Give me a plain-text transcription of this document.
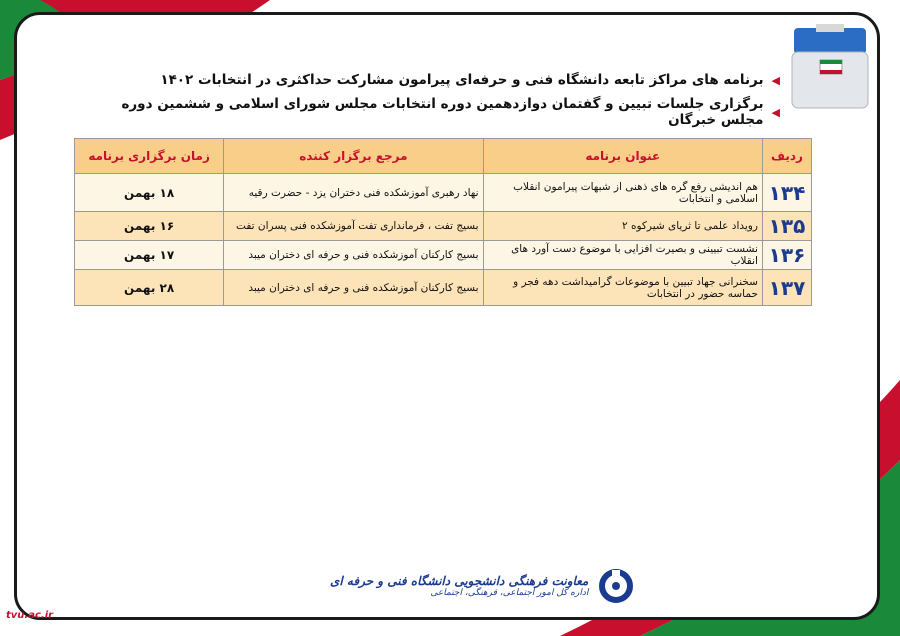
◀
برنامه های مراکز تابعه دانشگاه فنی و حرفه‌ای پیرامون مشارکت حداکثری در انتخابات ۱۴۰۲
◀
برگزاری جلسات تبیین و گفتمان دوازدهمین دوره انتخابات مجلس شورای اسلامی و ششمین دوره مجلس خبرگان
ردیف	عنوان برنامه	مرجع برگزار کننده	زمان برگزاری برنامه
۱۳۴	هم اندیشی رفع گره های ذهنی از شبهات پیرامون انقلاب اسلامی و انتخابات	نهاد رهبری آموزشکده فنی دختران یزد - حضرت رقیه	۱۸ بهمن
۱۳۵	رویداد علمی تا ثریای شیرکوه ۲	بسیج تفت ، فرمانداری تفت آموزشکده فنی پسران تفت	۱۶ بهمن
۱۳۶	نشست تبیینی و بصیرت افزایی با موضوع دست آورد های انقلاب	بسیج کارکنان آموزشکده فنی و حرفه ای دختران میبد	۱۷ بهمن
۱۳۷	سخنرانی جهاد تبیین با موضوعات گرامیداشت دهه فجر و حماسه حضور در انتخابات	بسیج کارکنان آموزشکده فنی و حرفه ای دختران میبد	۲۸ بهمن
معاونت فرهنگی دانشجویی دانشگاه فنی و حرفه ای
اداره کل امور اجتماعی، فرهنگی، اجتماعی
tvu.ac.ir
